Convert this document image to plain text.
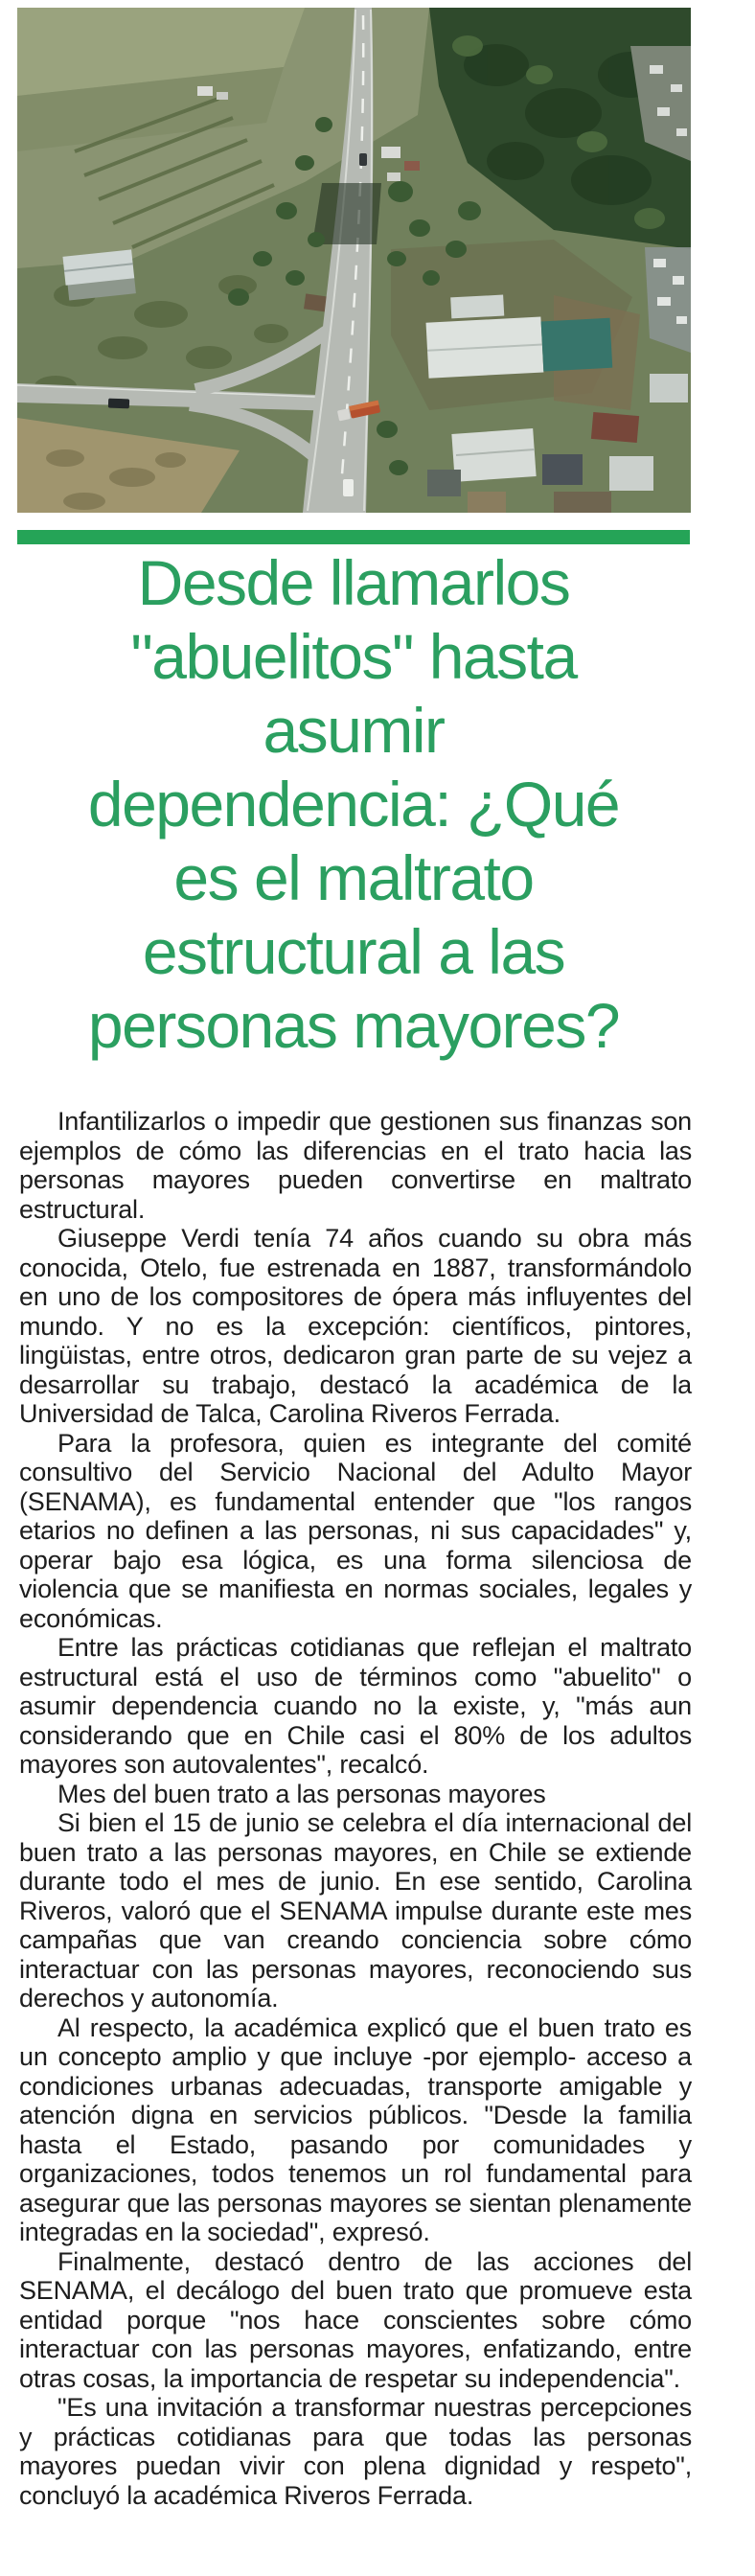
Desde llamarlos
"abuelitos" hasta
asumir
dependencia: ¿Qué
es el maltrato
estructural a las
personas mayores?

Infantilizarlos o impedir que gestionen sus finanzas son ejemplos de cómo las diferencias en el trato hacia las personas mayores pueden convertirse en maltrato estructural.

Giuseppe Verdi tenía 74 años cuando su obra más conocida, Otelo, fue estrenada en 1887, transformándolo en uno de los compositores de ópera más influyentes del mundo. Y no es la excepción: científicos, pintores, lingüistas, entre otros, dedicaron gran parte de su vejez a desarrollar su trabajo, destacó la académica de la Universidad de Talca, Carolina Riveros Ferrada.

Para la profesora, quien es integrante del comité consultivo del Servicio Nacional del Adulto Mayor (SENAMA), es fundamental entender que "los rangos etarios no definen a las personas, ni sus capacidades" y, operar bajo esa lógica, es una forma silenciosa de violencia que se manifiesta en normas sociales, legales y económicas.

Entre las prácticas cotidianas que reflejan el maltrato estructural está el uso de términos como "abuelito" o asumir dependencia cuando no la existe, y, "más aun considerando que en Chile casi el 80% de los adultos mayores son autovalentes", recalcó.

Mes del buen trato a las personas mayores

Si bien el 15 de junio se celebra el día internacional del buen trato a las personas mayores, en Chile se extiende durante todo el mes de junio. En ese sentido, Carolina Riveros, valoró que el SENAMA impulse durante este mes campañas que van creando conciencia sobre cómo interactuar con las personas mayores, reconociendo sus derechos y autonomía.

Al respecto, la académica explicó que el buen trato es un concepto amplio y que incluye -por ejemplo- acceso a condiciones urbanas adecuadas, transporte amigable y atención digna en servicios públicos. "Desde la familia hasta el Estado, pasando por comunidades y organizaciones, todos tenemos un rol fundamental para asegurar que las personas mayores se sientan plenamente integradas en la sociedad", expresó.

Finalmente, destacó dentro de las acciones del SENAMA, el decálogo del buen trato que promueve esta entidad porque "nos hace conscientes sobre cómo interactuar con las personas mayores, enfatizando, entre otras cosas, la importancia de respetar su independencia".

"Es una invitación a transformar nuestras percepciones y prácticas cotidianas para que todas las personas mayores puedan vivir con plena dignidad y respeto", concluyó la académica Riveros Ferrada.
